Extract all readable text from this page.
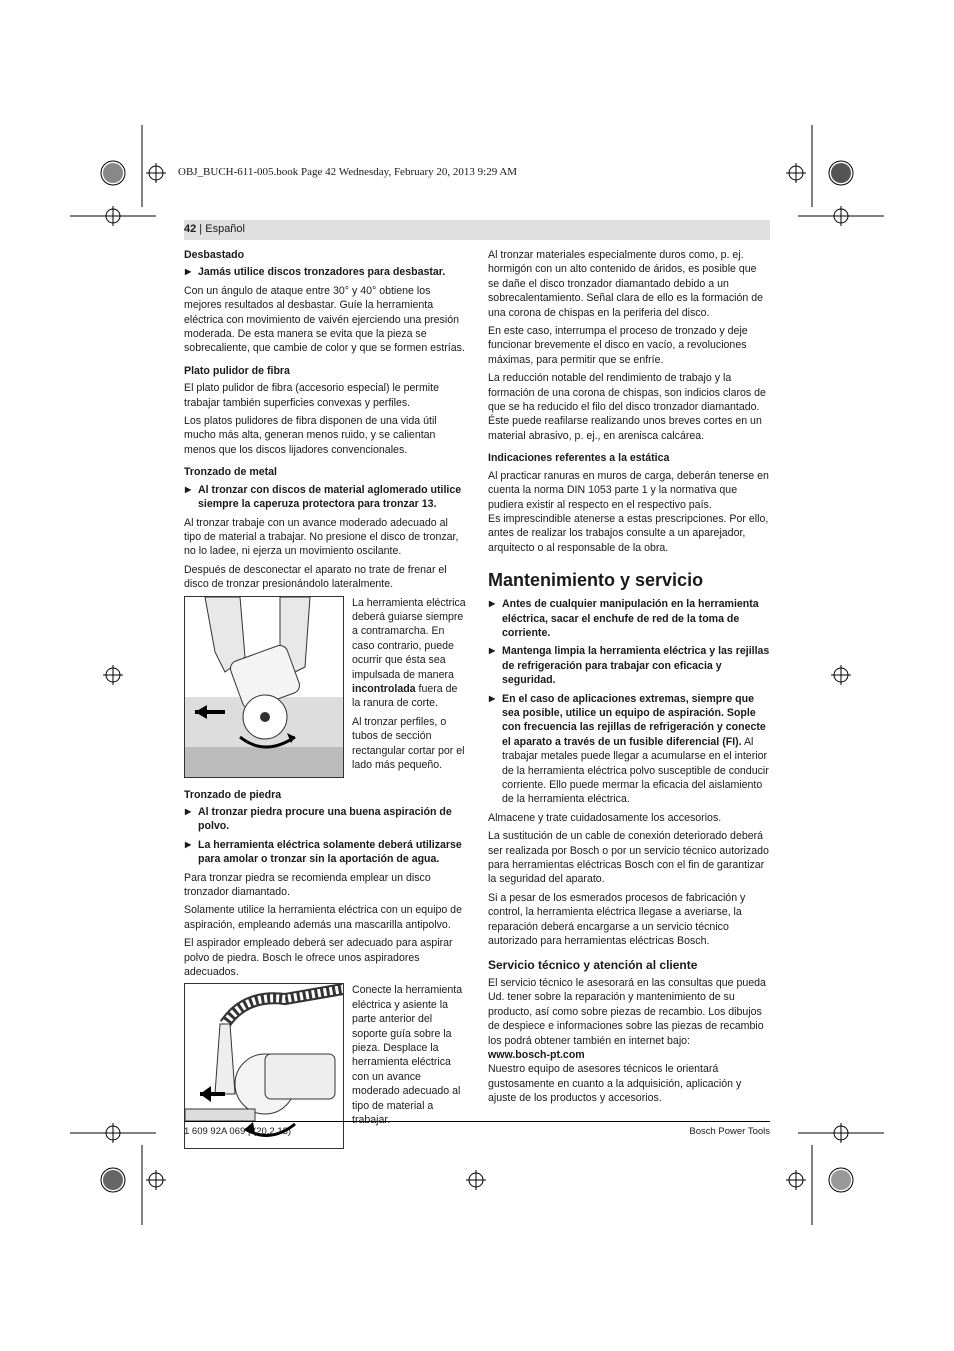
OBJ_BUCH-611-005.book Page 42 Wednesday, February 20, 2013 9:29 AM
42 | Español
Desbastado
▶ Jamás utilice discos tronzadores para desbastar.

Con un ángulo de ataque entre 30° y 40° obtiene los mejores resultados al desbastar. Guíe la herramienta eléctrica con movimiento de vaivén ejerciendo una presión moderada. De esta manera se evita que la pieza se sobrecaliente, que cambie de color y que se formen estrías.

Plato pulidor de fibra

El plato pulidor de fibra (accesorio especial) le permite trabajar también superficies convexas y perfiles.

Los platos pulidores de fibra disponen de una vida útil mucho más alta, generan menos ruido, y se calientan menos que los discos lijadores convencionales.

Tronzado de metal
▶ Al tronzar con discos de material aglomerado utilice siempre la caperuza protectora para tronzar 13.

Al tronzar trabaje con un avance moderado adecuado al tipo de material a trabajar. No presione el disco de tronzar, no lo ladee, ni ejerza un movimiento oscilante.

Después de desconectar el aparato no trate de frenar el disco de tronzar presionándolo lateralmente.

La herramienta eléctrica deberá guiarse siempre a contramarcha. En caso contrario, puede ocurrir que ésta sea impulsada de manera incontrolada fuera de la ranura de corte.

Al tronzar perfiles, o tubos de sección rectangular cortar por el lado más pequeño.

Tronzado de piedra
▶ Al tronzar piedra procure una buena aspiración de polvo.
▶ La herramienta eléctrica solamente deberá utilizarse para amolar o tronzar sin la aportación de agua.

Para tronzar piedra se recomienda emplear un disco tronzador diamantado.

Solamente utilice la herramienta eléctrica con un equipo de aspiración, empleando además una mascarilla antipolvo.

El aspirador empleado deberá ser adecuado para aspirar polvo de piedra. Bosch le ofrece unos aspiradores adecuados.

Conecte la herramienta eléctrica y asiente la parte anterior del soporte guía sobre la pieza. Desplace la herramienta eléctrica con un avance moderado adecuado al tipo de material a

Al tronzar materiales especialmente duros como, p. ej. hormigón con un alto contenido de áridos, es posible que se dañe el disco tronzador diamantado debido a un sobrecalentamiento. Señal clara de ello es la formación de una corona de chispas en la periferia del disco.

En este caso, interrumpa el proceso de tronzado y deje funcionar brevemente el disco en vacío, a revoluciones máximas, para permitir que se enfríe.

La reducción notable del rendimiento de trabajo y la formación de una corona de chispas, son indicios claros de que se ha reducido el filo del disco tronzador diamantado. Éste puede reafilarse realizando unos breves cortes en un material abrasivo, p. ej., en arenisca calcárea.

Indicaciones referentes a la estática

Al practicar ranuras en muros de carga, deberán tenerse en cuenta la norma DIN 1053 parte 1 y la normativa que pudiera existir al respecto en el respectivo país.

Es imprescindible atenerse a estas prescripciones. Por ello, antes de realizar los trabajos consulte a un aparejador, arquitecto o al responsable de la obra.

Mantenimiento y servicio
▶ Antes de cualquier manipulación en la herramienta eléctrica, sacar el enchufe de red de la toma de corriente.
▶ Mantenga limpia la herramienta eléctrica y las rejillas de refrigeración para trabajar con eficacia y seguridad.
▶ En el caso de aplicaciones extremas, siempre que sea posible, utilice un equipo de aspiración. Sople con frecuencia las rejillas de refrigeración y conecte el aparato a través de un fusible diferencial (FI). Al trabajar metales puede llegar a acumularse en el interior de la herramienta eléctrica polvo susceptible de conducir corriente. Ello puede mermar la eficacia del aislamiento de la herramienta eléctrica.

Almacene y trate cuidadosamente los accesorios.

La sustitución de un cable de conexión deteriorado deberá ser realizada por Bosch o por un servicio técnico autorizado para herramientas eléctricas Bosch con el fin de garantizar la seguridad del aparato.

Si a pesar de los esmerados procesos de fabricación y control, la herramienta eléctrica llegase a averiarse, la reparación deberá encargarse a un servicio técnico autorizado para herramientas eléctricas Bosch.

Servicio técnico y atención al cliente

El servicio técnico le asesorará en las consultas que pueda Ud. tener sobre la reparación y mantenimiento de su producto, así como sobre piezas de recambio. Los dibujos de despiece e informaciones sobre las piezas de recambio los podrá obtener también en internet bajo:

www.bosch-pt.com

Nuestro equipo de asesores técnicos le orientará gustosamente en cuanto a la adquisición, aplicación y ajuste de los productos y accesorios.

1 609 92A 069 | (20.2.13)	Bosch Power Tools
